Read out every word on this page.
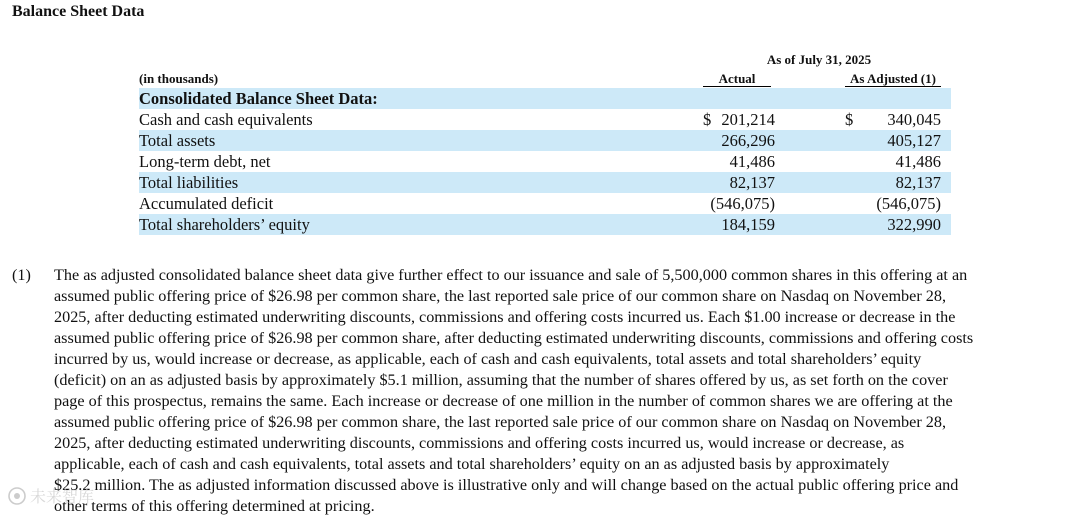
Balance Sheet Data
As of July 31, 2025
(in thousands)	Actual	As Adjusted (1)
Consolidated Balance Sheet Data:
Cash and cash equivalents	$ 201,214	$ 340,045
Total assets	266,296	405,127
Long-term debt, net	41,486	41,486
Total liabilities	82,137	82,137
Accumulated deficit	(546,075)	(546,075)
Total shareholders’ equity	184,159	322,990
(1) The as adjusted consolidated balance sheet data give further effect to our issuance and sale of 5,500,000 common shares in this offering at an
assumed public offering price of $26.98 per common share, the last reported sale price of our common share on Nasdaq on November 28,
2025, after deducting estimated underwriting discounts, commissions and offering costs incurred us. Each $1.00 increase or decrease in the
assumed public offering price of $26.98 per common share, after deducting estimated underwriting discounts, commissions and offering costs
incurred by us, would increase or decrease, as applicable, each of cash and cash equivalents, total assets and total shareholders’ equity
(deficit) on an as adjusted basis by approximately $5.1 million, assuming that the number of shares offered by us, as set forth on the cover
page of this prospectus, remains the same. Each increase or decrease of one million in the number of common shares we are offering at the
assumed public offering price of $26.98 per common share, the last reported sale price of our common share on Nasdaq on November 28,
2025, after deducting estimated underwriting discounts, commissions and offering costs incurred us, would increase or decrease, as
applicable, each of cash and cash equivalents, total assets and total shareholders’ equity on an as adjusted basis by approximately
$25.2 million. The as adjusted information discussed above is illustrative only and will change based on the actual public offering price and
other terms of this offering determined at pricing.
未来智库
